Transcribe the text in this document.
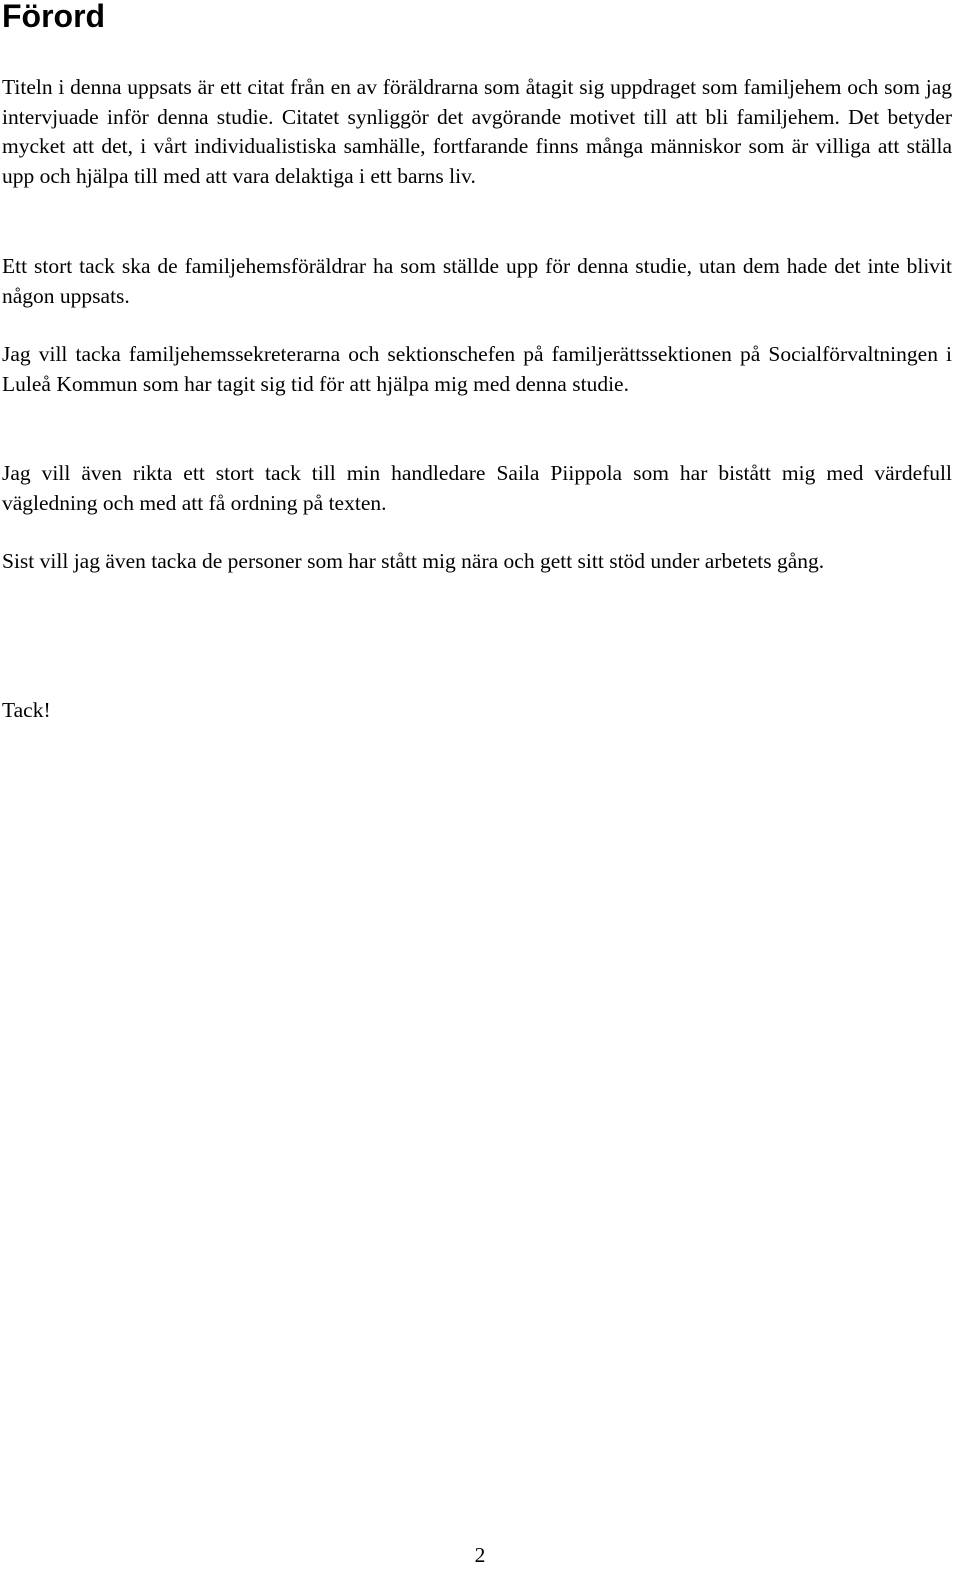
Förord

Titeln i denna uppsats är ett citat från en av föräldrarna som åtagit sig uppdraget som familjehem och som jag intervjuade inför denna studie. Citatet synliggör det avgörande motivet till att bli familjehem. Det betyder mycket att det, i vårt individualistiska samhälle, fortfarande finns många människor som är villiga att ställa upp och hjälpa till med att vara delaktiga i ett barns liv.

Ett stort tack ska de familjehemsföräldrar ha som ställde upp för denna studie, utan dem hade det inte blivit någon uppsats.

Jag vill tacka familjehemssekreterarna och sektionschefen på familjerättssektionen på Socialförvaltningen i Luleå Kommun som har tagit sig tid för att hjälpa mig med denna studie.

Jag vill även rikta ett stort tack till min handledare Saila Piippola som har bistått mig med värdefull vägledning och med att få ordning på texten.

Sist vill jag även tacka de personer som har stått mig nära och gett sitt stöd under arbetets gång.

Tack!

2
